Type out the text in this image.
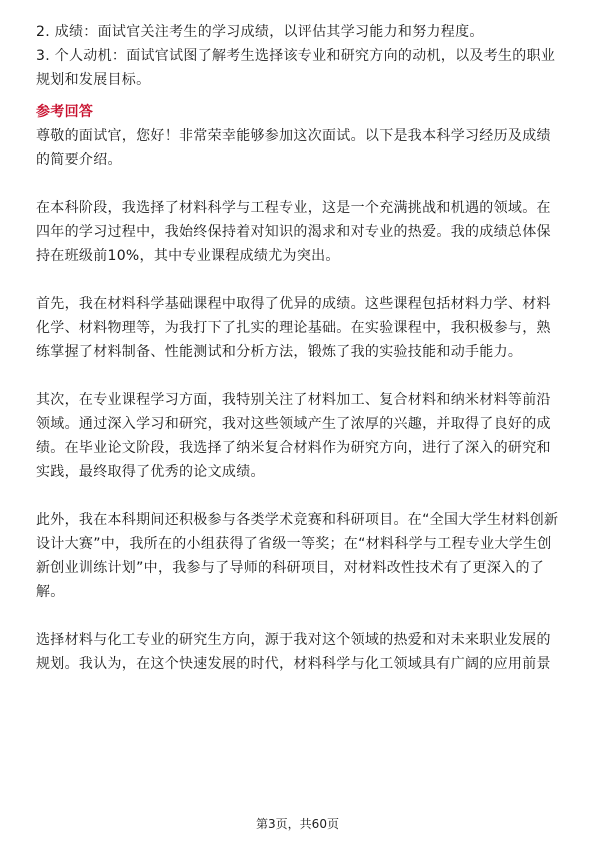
2. 成绩：面试官关注考生的学习成绩，以评估其学习能力和努力程度。
3. 个人动机：面试官试图了解考生选择该专业和研究方向的动机，以及考生的职业
规划和发展目标。
参考回答
尊敬的面试官，您好！非常荣幸能够参加这次面试。以下是我本科学习经历及成绩
的简要介绍。
在本科阶段，我选择了材料科学与工程专业，这是一个充满挑战和机遇的领域。在
四年的学习过程中，我始终保持着对知识的渴求和对专业的热爱。我的成绩总体保
持在班级前10%，其中专业课程成绩尤为突出。
首先，我在材料科学基础课程中取得了优异的成绩。这些课程包括材料力学、材料
化学、材料物理等，为我打下了扎实的理论基础。在实验课程中，我积极参与，熟
练掌握了材料制备、性能测试和分析方法，锻炼了我的实验技能和动手能力。
其次，在专业课程学习方面，我特别关注了材料加工、复合材料和纳米材料等前沿
领域。通过深入学习和研究，我对这些领域产生了浓厚的兴趣，并取得了良好的成
绩。在毕业论文阶段，我选择了纳米复合材料作为研究方向，进行了深入的研究和
实践，最终取得了优秀的论文成绩。
此外，我在本科期间还积极参与各类学术竞赛和科研项目。在“全国大学生材料创新
设计大赛”中，我所在的小组获得了省级一等奖；在“材料科学与工程专业大学生创
新创业训练计划”中，我参与了导师的科研项目，对材料改性技术有了更深入的了
解。
选择材料与化工专业的研究生方向，源于我对这个领域的热爱和对未来职业发展的
规划。我认为，在这个快速发展的时代，材料科学与化工领域具有广阔的应用前景
第3页，共60页
